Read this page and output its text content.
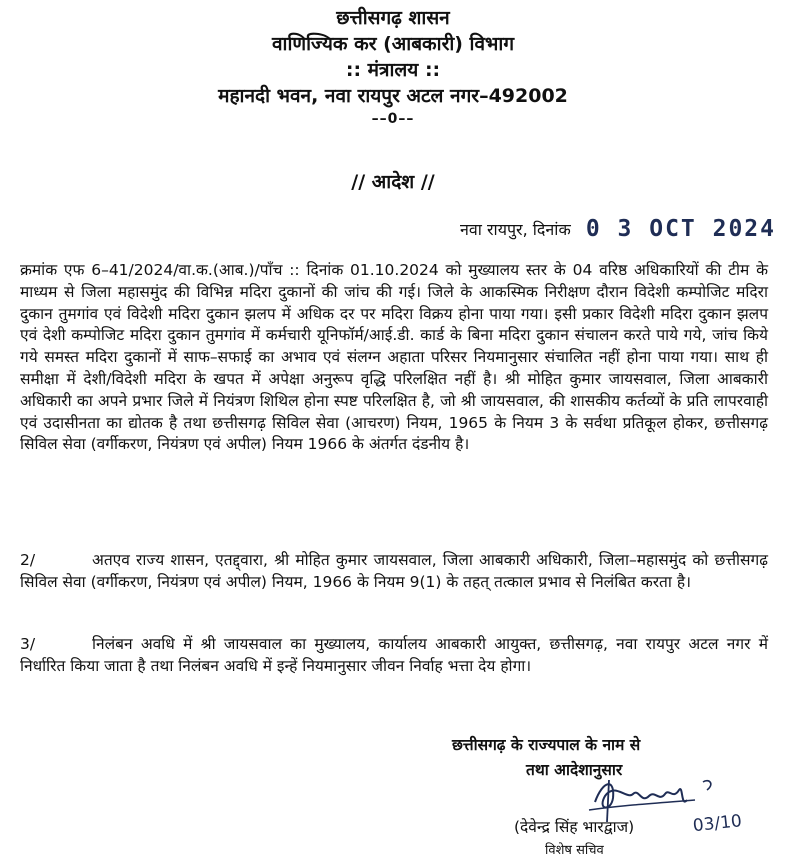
छत्तीसगढ़ शासन
वाणिज्यिक कर (आबकारी) विभाग
:: मंत्रालय ::
महानदी भवन, नवा रायपुर अटल नगर–492002
––0––
// आदेश //
नवा रायपुर, दिनांक 0 3 OCT 2024
क्रमांक एफ 6–41/2024/वा.क.(आब.)/पाँच :: दिनांक 01.10.2024 को मुख्यालय स्तर के 04 वरिष्ठ अधिकारियों की टीम के माध्यम से जिला महासमुंद की विभिन्न मदिरा दुकानों की जांच की गई। जिले के आकस्मिक निरीक्षण दौरान विदेशी कम्पोजिट मदिरा दुकान तुमगांव एवं विदेशी मदिरा दुकान झलप में अधिक दर पर मदिरा विक्रय होना पाया गया। इसी प्रकार विदेशी मदिरा दुकान झलप एवं देशी कम्पोजिट मदिरा दुकान तुमगांव में कर्मचारी यूनिफॉर्म/आई.डी. कार्ड के बिना मदिरा दुकान संचालन करते पाये गये, जांच किये गये समस्त मदिरा दुकानों में साफ–सफाई का अभाव एवं संलग्न अहाता परिसर नियमानुसार संचालित नहीं होना पाया गया। साथ ही समीक्षा में देशी/विदेशी मदिरा के खपत में अपेक्षा अनुरूप वृद्धि परिलक्षित नहीं है। श्री मोहित कुमार जायसवाल, जिला आबकारी अधिकारी का अपने प्रभार जिले में नियंत्रण शिथिल होना स्पष्ट परिलक्षित है, जो श्री जायसवाल, की शासकीय कर्तव्यों के प्रति लापरवाही एवं उदासीनता का द्योतक है तथा छत्तीसगढ़ सिविल सेवा (आचरण) नियम, 1965 के नियम 3 के सर्वथा प्रतिकूल होकर, छत्तीसगढ़ सिविल सेवा (वर्गीकरण, नियंत्रण एवं अपील) नियम 1966 के अंतर्गत दंडनीय है।
2/	अतएव राज्य शासन, एतद्द्वारा, श्री मोहित कुमार जायसवाल, जिला आबकारी अधिकारी, जिला–महासमुंद को छत्तीसगढ़ सिविल सेवा (वर्गीकरण, नियंत्रण एवं अपील) नियम, 1966 के नियम 9(1) के तहत् तत्काल प्रभाव से निलंबित करता है।
3/	निलंबन अवधि में श्री जायसवाल का मुख्यालय, कार्यालय आबकारी आयुक्त, छत्तीसगढ़, नवा रायपुर अटल नगर में निर्धारित किया जाता है तथा निलंबन अवधि में इन्हें नियमानुसार जीवन निर्वाह भत्ता देय होगा।
छत्तीसगढ़ के राज्यपाल के नाम से
तथा आदेशानुसार
03/10
(देवेन्द्र सिंह भारद्वाज)
विशेष सचिव
